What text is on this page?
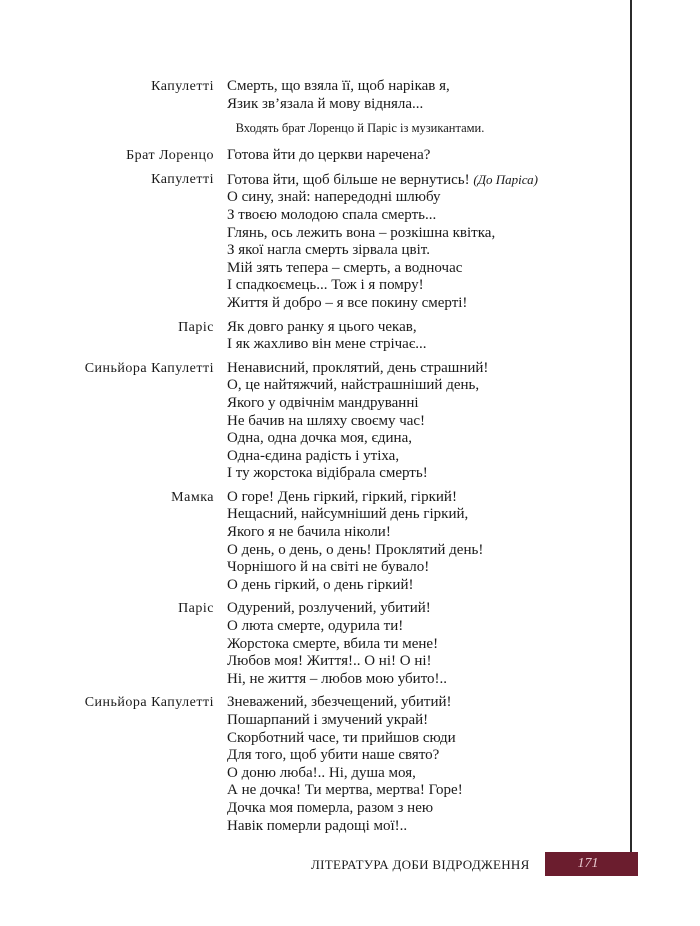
Капулетті Смерть, що взяла її, щоб нарікав я,
Язик зв’язала й мову відняла...
Входять брат Лоренцо й Паріс із музикантами.
Брат Лоренцо Готова йти до церкви наречена?
Капулетті Готова йти, щоб більше не вернутись! (До Паріса)
О сину, знай: напередодні шлюбу
З твоєю молодою спала смерть...
Глянь, ось лежить вона – розкішна квітка,
З якої нагла смерть зірвала цвіт.
Мій зять тепера – смерть, а водночас
І спадкоємець... Тож і я помру!
Життя й добро – я все покину смерті!
Паріс Як довго ранку я цього чекав,
І як жахливо він мене стрічає...
Синьйора Капулетті Ненависний, проклятий, день страшний!
О, це найтяжчий, найстрашніший день,
Якого у одвічнім мандруванні
Не бачив на шляху своєму час!
Одна, одна дочка моя, єдина,
Одна-єдина радість і утіха,
І ту жорстока відібрала смерть!
Мамка О горе! День гіркий, гіркий, гіркий!
Нещасний, найсумніший день гіркий,
Якого я не бачила ніколи!
О день, о день, о день! Проклятий день!
Чорнішого й на світі не бувало!
О день гіркий, о день гіркий!
Паріс Одурений, розлучений, убитий!
О люта смерте, одурила ти!
Жорстока смерте, вбила ти мене!
Любов моя! Життя!.. О ні! О ні!
Ні, не життя – любов мою убито!..
Синьйора Капулетті Зневажений, збезчещений, убитий!
Пошарпаний і змучений украй!
Скорботний часе, ти прийшов сюди
Для того, щоб убити наше свято?
О доню люба!.. Ні, душа моя,
А не дочка! Ти мертва, мертва! Горе!
Дочка моя померла, разом з нею
Навік померли радощі мої!..
ЛІТЕРАТУРА ДОБИ ВІДРОДЖЕННЯ	171
